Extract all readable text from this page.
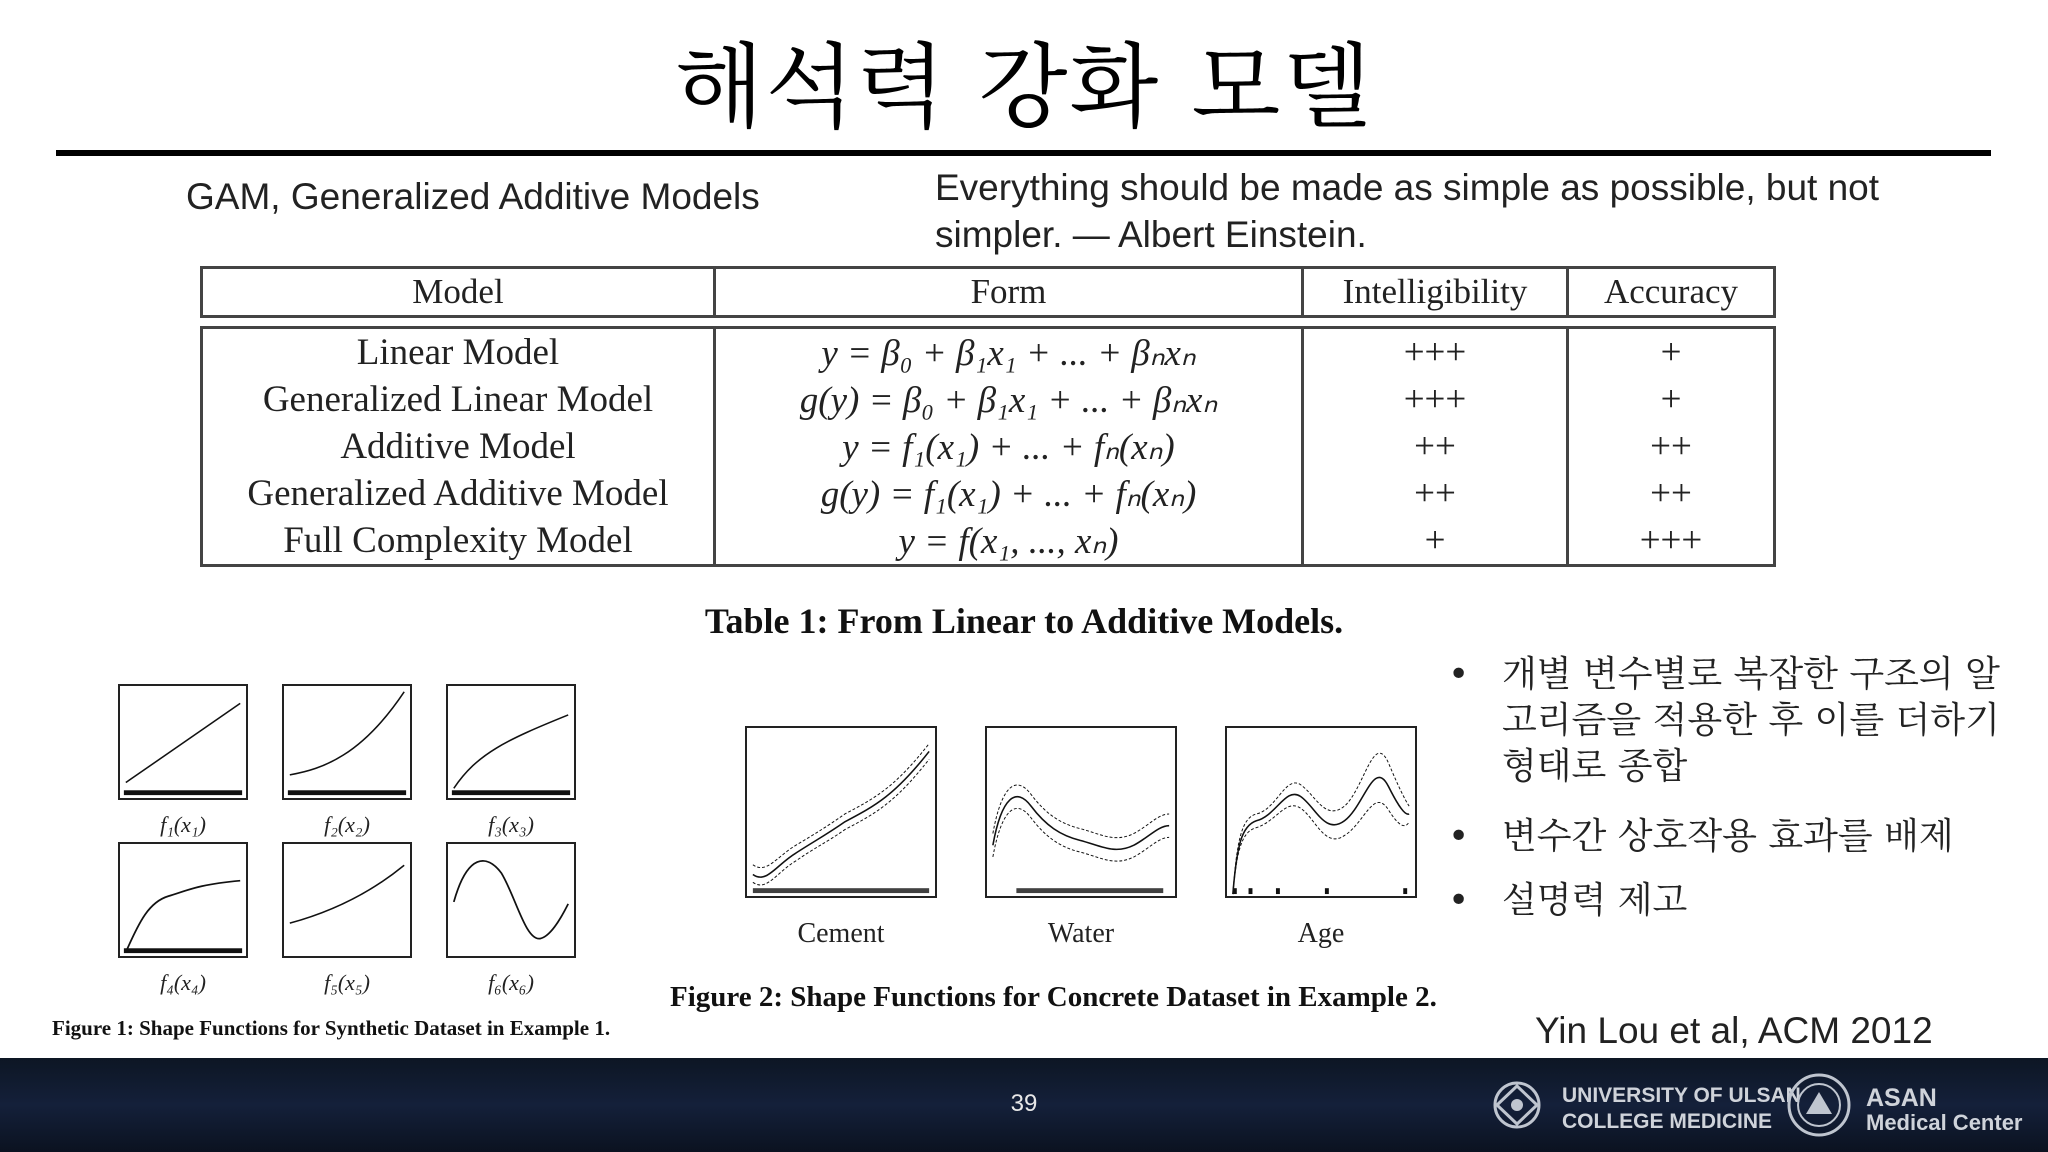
해석력 강화 모델
GAM, Generalized Additive Models	Everything should be made as simple as possible, but not simpler. — Albert Einstein.
Model	Form	Intelligibility	Accuracy
Linear Model	y = β₀ + β₁x₁ + ... + βₙxₙ	+++	+
Generalized Linear Model	g(y) = β₀ + β₁x₁ + ... + βₙxₙ	+++	+
Additive Model	y = f₁(x₁) + ... + fₙ(xₙ)	++	++
Generalized Additive Model	g(y) = f₁(x₁) + ... + fₙ(xₙ)	++	++
Full Complexity Model	y = f(x₁, ..., xₙ)	+	+++
Table 1: From Linear to Additive Models.
f₁(x₁)	f₂(x₂)	f₃(x₃)
f₄(x₄)	f₅(x₅)	f₆(x₆)
Figure 1: Shape Functions for Synthetic Dataset in Example 1.
Cement	Water	Age
Figure 2: Shape Functions for Concrete Dataset in Example 2.
• 개별 변수별로 복잡한 구조의 알고리즘을 적용한 후 이를 더하기 형태로 종합
• 변수간 상호작용 효과를 배제
• 설명력 제고
Yin Lou et al, ACM 2012
39	UNIVERSITY OF ULSAN
COLLEGE MEDICINE
ASAN
Medical Center
